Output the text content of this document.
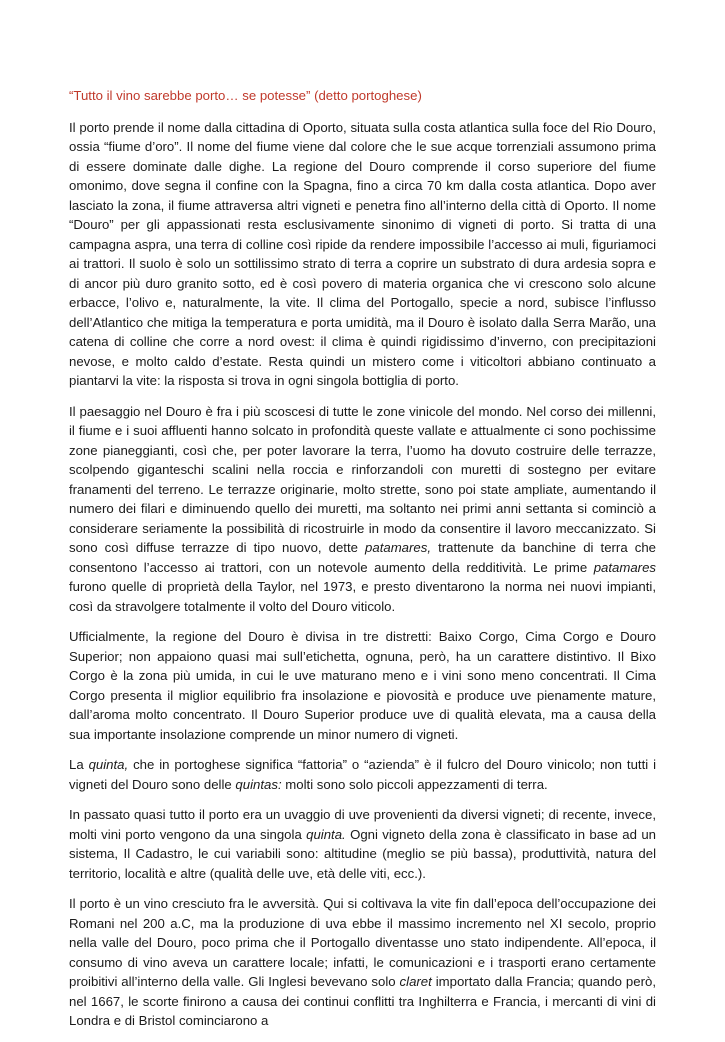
“Tutto il vino sarebbe porto… se potesse” (detto portoghese)

Il porto prende il nome dalla cittadina di Oporto, situata sulla costa atlantica sulla foce del Rio Douro, ossia “fiume d’oro”. Il nome del fiume viene dal colore che le sue acque torrenziali assumono prima di essere dominate dalle dighe. La regione del Douro comprende il corso superiore del fiume omonimo, dove segna il confine con la Spagna, fino a circa 70 km dalla costa atlantica. Dopo aver lasciato la zona, il fiume attraversa altri vigneti e penetra fino all’interno della città di Oporto. Il nome “Douro” per gli appassionati resta esclusivamente sinonimo di vigneti di porto. Si tratta di una campagna aspra, una terra di colline così ripide da rendere impossibile l’accesso ai muli, figuriamoci ai trattori. Il suolo è solo un sottilissimo strato di terra a coprire un substrato di dura ardesia sopra e di ancor più duro granito sotto, ed è così povero di materia organica che vi crescono solo alcune erbacce, l’olivo e, naturalmente, la vite. Il clima del Portogallo, specie a nord, subisce l’influsso dell’Atlantico che mitiga la temperatura e porta umidità, ma il Douro è isolato dalla Serra Marão, una catena di colline che corre a nord ovest: il clima è quindi rigidissimo d’inverno, con precipitazioni nevose, e molto caldo d’estate. Resta quindi un mistero come i viticoltori abbiano continuato a piantarvi la vite: la risposta si trova in ogni singola bottiglia di porto.

Il paesaggio nel Douro è fra i più scoscesi di tutte le zone vinicole del mondo. Nel corso dei millenni, il fiume e i suoi affluenti hanno solcato in profondità queste vallate e attualmente ci sono pochissime zone pianeggianti, così che, per poter lavorare la terra, l’uomo ha dovuto costruire delle terrazze, scolpendo giganteschi scalini nella roccia e rinforzandoli con muretti di sostegno per evitare franamenti del terreno. Le terrazze originarie, molto strette, sono poi state ampliate, aumentando il numero dei filari e diminuendo quello dei muretti, ma soltanto nei primi anni settanta si cominciò a considerare seriamente la possibilità di ricostruirle in modo da consentire il lavoro meccanizzato. Si sono così diffuse terrazze di tipo nuovo, dette patamares, trattenute da banchine di terra che consentono l’accesso ai trattori, con un notevole aumento della redditività. Le prime patamares furono quelle di proprietà della Taylor, nel 1973, e presto diventarono la norma nei nuovi impianti, così da stravolgere totalmente il volto del Douro viticolo.

Ufficialmente, la regione del Douro è divisa in tre distretti: Baixo Corgo, Cima Corgo e Douro Superior; non appaiono quasi mai sull’etichetta, ognuna, però, ha un carattere distintivo. Il Bixo Corgo è la zona più umida, in cui le uve maturano meno e i vini sono meno concentrati. Il Cima Corgo presenta il miglior equilibrio fra insolazione e piovosità e produce uve pienamente mature, dall’aroma molto concentrato. Il Douro Superior produce uve di qualità elevata, ma a causa della sua importante insolazione comprende un minor numero di vigneti.

La quinta, che in portoghese significa “fattoria” o “azienda” è il fulcro del Douro vinicolo; non tutti i vigneti del Douro sono delle quintas: molti sono solo piccoli appezzamenti di terra.

In passato quasi tutto il porto era un uvaggio di uve provenienti da diversi vigneti; di recente, invece, molti vini porto vengono da una singola quinta. Ogni vigneto della zona è classificato in base ad un sistema, Il Cadastro, le cui variabili sono: altitudine (meglio se più bassa), produttività, natura del territorio, località e altre (qualità delle uve, età delle viti, ecc.).

Il porto è un vino cresciuto fra le avversità. Qui si coltivava la vite fin dall’epoca dell’occupazione dei Romani nel 200 a.C, ma la produzione di uva ebbe il massimo incremento nel XI secolo, proprio nella valle del Douro, poco prima che il Portogallo diventasse uno stato indipendente. All’epoca, il consumo di vino aveva un carattere locale; infatti, le comunicazioni e i trasporti erano certamente proibitivi all’interno della valle. Gli Inglesi bevevano solo claret importato dalla Francia; quando però, nel 1667, le scorte finirono a causa dei continui conflitti tra Inghilterra e Francia, i mercanti di vini di Londra e di Bristol cominciarono a
